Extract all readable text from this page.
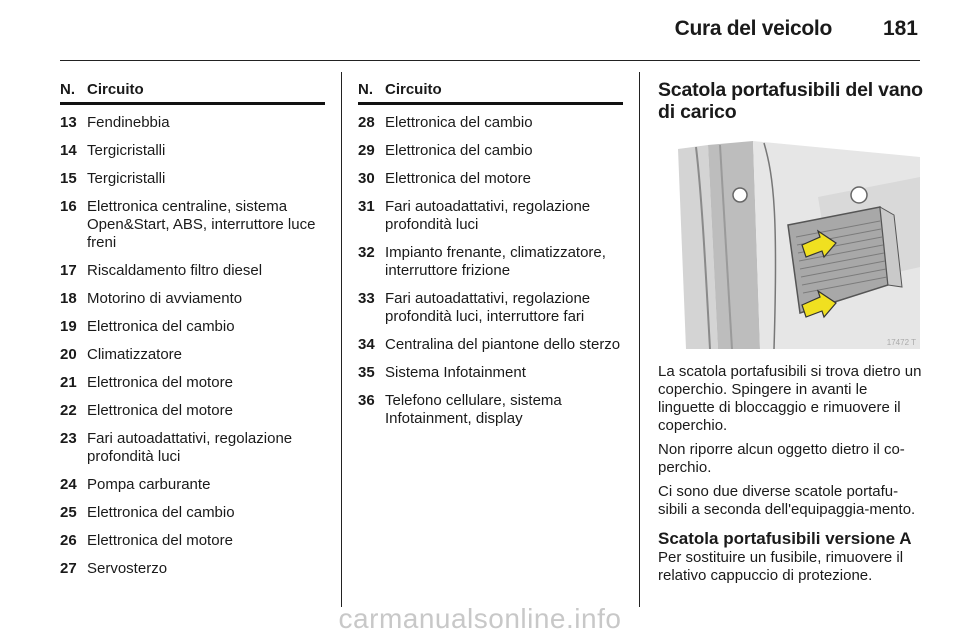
Cura del veicolo 181
N. Circuito
13 Fendinebbia
14 Tergicristalli
15 Tergicristalli
16 Elettronica centraline, sistema Open&Start, ABS, interruttore luce freni
17 Riscaldamento filtro diesel
18 Motorino di avviamento
19 Elettronica del cambio
20 Climatizzatore
21 Elettronica del motore
22 Elettronica del motore
23 Fari autoadattativi, regolazione profondità luci
24 Pompa carburante
25 Elettronica del cambio
26 Elettronica del motore
27 Servosterzo
N. Circuito
28 Elettronica del cambio
29 Elettronica del cambio
30 Elettronica del motore
31 Fari autoadattativi, regolazione profondità luci
32 Impianto frenante, climatizzatore, interruttore frizione
33 Fari autoadattativi, regolazione profondità luci, interruttore fari
34 Centralina del piantone dello sterzo
35 Sistema Infotainment
36 Telefono cellulare, sistema Infotainment, display
Scatola portafusibili del vano di carico
17472 T

La scatola portafusibili si trova dietro un coperchio. Spingere in avanti le linguette di bloccaggio e rimuovere il coperchio.

Non riporre alcun oggetto dietro il co-perchio.

Ci sono due diverse scatole portafu-sibili a seconda dell'equipaggia-mento.

Scatola portafusibili versione A

Per sostituire un fusibile, rimuovere il relativo cappuccio di protezione.

carmanualsonline.info
